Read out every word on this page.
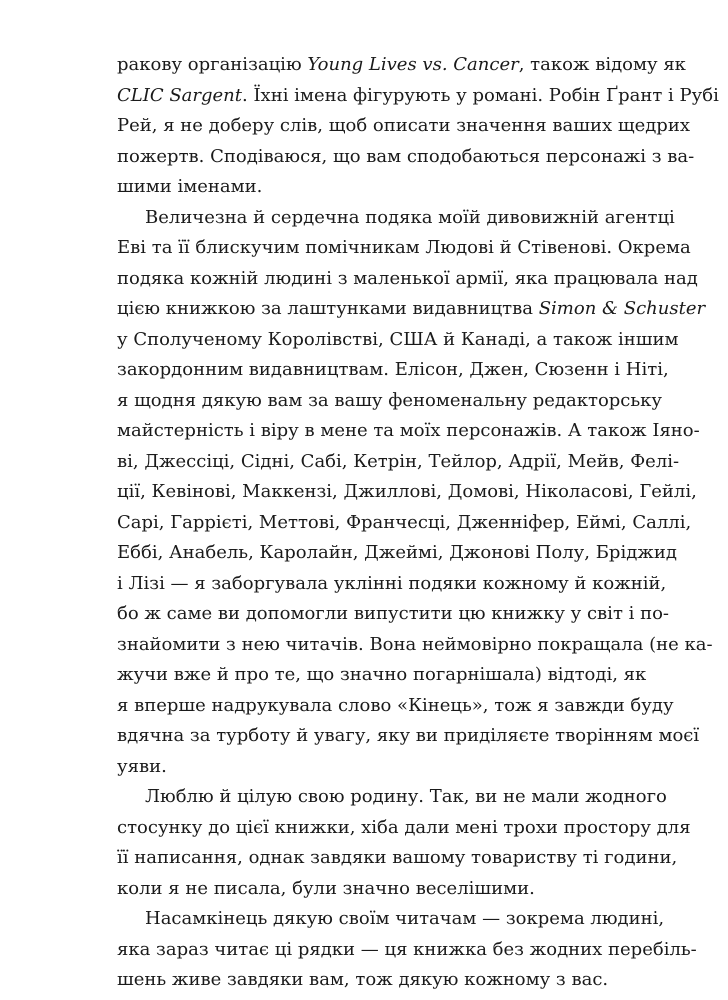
ракову організацію Young Lives vs. Cancer, також відому як
CLIC Sargent. Їхні імена фігурують у романі. Робін Ґрант і Рубі
Рей, я не доберу слів, щоб описати значення ваших щедрих
пожертв. Сподіваюся, що вам сподобаються персонажі з ва-
шими іменами.
Величезна й сердечна подяка моїй дивовижній агентці
Еві та її блискучим помічникам Людові й Стівенові. Окрема
подяка кожній людині з маленької армії, яка працювала над
цією книжкою за лаштунками видавництва Simon & Schuster
у Сполученому Королівстві, США й Канаді, а також іншим
закордонним видавництвам. Елісон, Джен, Сюзенн і Ніті,
я щодня дякую вам за вашу феноменальну редакторську
майстерність і віру в мене та моїх персонажів. А також Іяно-
ві, Джессіці, Сідні, Сабі, Кетрін, Тейлор, Адрії, Мейв, Фелі-
ції, Кевінові, Маккензі, Джиллові, Домові, Ніколасові, Гейлі,
Сарі, Гаррієті, Меттові, Франчесці, Дженніфер, Еймі, Саллі,
Еббі, Анабель, Каролайн, Джеймі, Джонові Полу, Бріджид
і Лізі — я заборгувала уклінні подяки кожному й кожній,
бо ж саме ви допомогли випустити цю книжку у світ і по-
знайомити з нею читачів. Вона неймовірно покращала (не ка-
жучи вже й про те, що значно погарнішала) відтоді, як
я вперше надрукувала слово «Кінець», тож я завжди буду
вдячна за турботу й увагу, яку ви приділяєте творінням моєї
уяви.
Люблю й цілую свою родину. Так, ви не мали жодного
стосунку до цієї книжки, хіба дали мені трохи простору для
її написання, однак завдяки вашому товариству ті години,
коли я не писала, були значно веселішими.
Насамкінець дякую своїм читачам — зокрема людині,
яка зараз читає ці рядки — ця книжка без жодних перебіль-
шень живе завдяки вам, тож дякую кожному з вас.
